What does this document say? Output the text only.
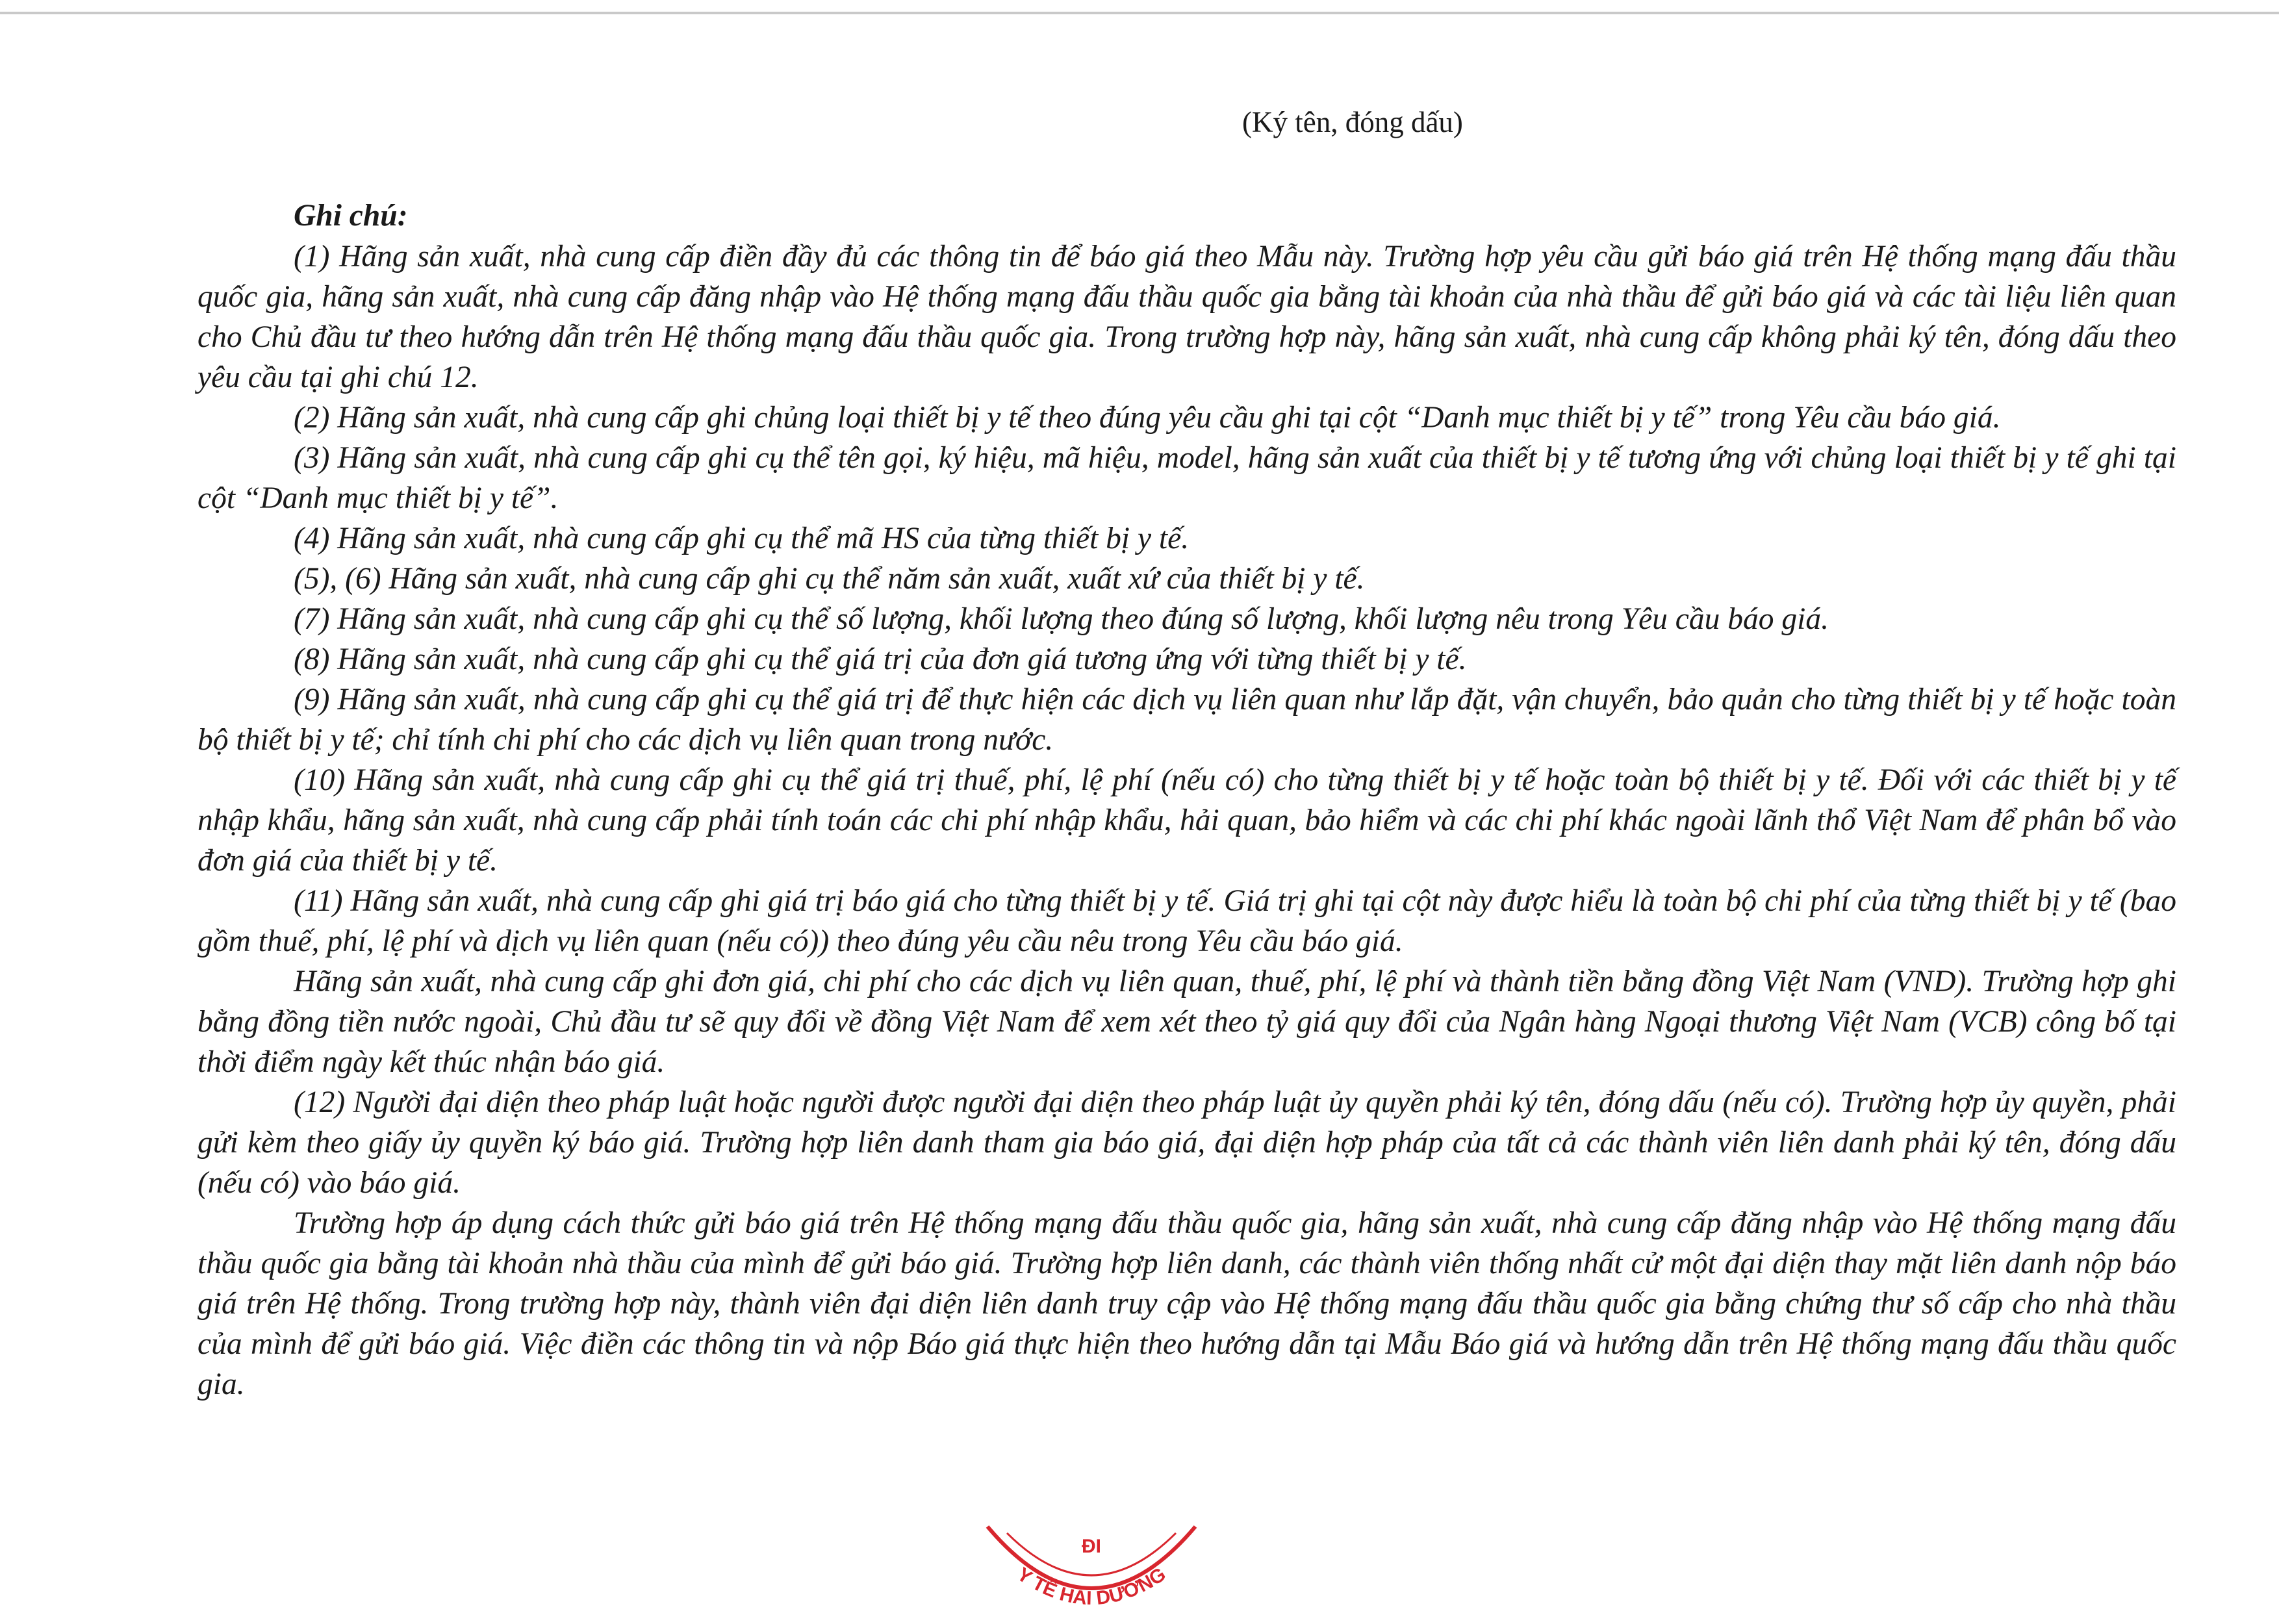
(Ký tên, đóng dấu)

Ghi chú:

(1) Hãng sản xuất, nhà cung cấp điền đầy đủ các thông tin để báo giá theo Mẫu này. Trường hợp yêu cầu gửi báo giá trên Hệ thống mạng đấu thầu quốc gia, hãng sản xuất, nhà cung cấp đăng nhập vào Hệ thống mạng đấu thầu quốc gia bằng tài khoản của nhà thầu để gửi báo giá và các tài liệu liên quan cho Chủ đầu tư theo hướng dẫn trên Hệ thống mạng đấu thầu quốc gia. Trong trường hợp này, hãng sản xuất, nhà cung cấp không phải ký tên, đóng dấu theo yêu cầu tại ghi chú 12.

(2) Hãng sản xuất, nhà cung cấp ghi chủng loại thiết bị y tế theo đúng yêu cầu ghi tại cột “Danh mục thiết bị y tế” trong Yêu cầu báo giá.

(3) Hãng sản xuất, nhà cung cấp ghi cụ thể tên gọi, ký hiệu, mã hiệu, model, hãng sản xuất của thiết bị y tế tương ứng với chủng loại thiết bị y tế ghi tại cột “Danh mục thiết bị y tế”.

(4) Hãng sản xuất, nhà cung cấp ghi cụ thể mã HS của từng thiết bị y tế.

(5), (6) Hãng sản xuất, nhà cung cấp ghi cụ thể năm sản xuất, xuất xứ của thiết bị y tế.

(7) Hãng sản xuất, nhà cung cấp ghi cụ thể số lượng, khối lượng theo đúng số lượng, khối lượng nêu trong Yêu cầu báo giá.

(8) Hãng sản xuất, nhà cung cấp ghi cụ thể giá trị của đơn giá tương ứng với từng thiết bị y tế.

(9) Hãng sản xuất, nhà cung cấp ghi cụ thể giá trị để thực hiện các dịch vụ liên quan như lắp đặt, vận chuyển, bảo quản cho từng thiết bị y tế hoặc toàn bộ thiết bị y tế; chỉ tính chi phí cho các dịch vụ liên quan trong nước.

(10) Hãng sản xuất, nhà cung cấp ghi cụ thể giá trị thuế, phí, lệ phí (nếu có) cho từng thiết bị y tế hoặc toàn bộ thiết bị y tế. Đối với các thiết bị y tế nhập khẩu, hãng sản xuất, nhà cung cấp phải tính toán các chi phí nhập khẩu, hải quan, bảo hiểm và các chi phí khác ngoài lãnh thổ Việt Nam để phân bổ vào đơn giá của thiết bị y tế.

(11) Hãng sản xuất, nhà cung cấp ghi giá trị báo giá cho từng thiết bị y tế. Giá trị ghi tại cột này được hiểu là toàn bộ chi phí của từng thiết bị y tế (bao gồm thuế, phí, lệ phí và dịch vụ liên quan (nếu có)) theo đúng yêu cầu nêu trong Yêu cầu báo giá.

Hãng sản xuất, nhà cung cấp ghi đơn giá, chi phí cho các dịch vụ liên quan, thuế, phí, lệ phí và thành tiền bằng đồng Việt Nam (VND). Trường hợp ghi bằng đồng tiền nước ngoài, Chủ đầu tư sẽ quy đổi về đồng Việt Nam để xem xét theo tỷ giá quy đổi của Ngân hàng Ngoại thương Việt Nam (VCB) công bố tại thời điểm ngày kết thúc nhận báo giá.

(12) Người đại diện theo pháp luật hoặc người được người đại diện theo pháp luật ủy quyền phải ký tên, đóng dấu (nếu có). Trường hợp ủy quyền, phải gửi kèm theo giấy ủy quyền ký báo giá. Trường hợp liên danh tham gia báo giá, đại diện hợp pháp của tất cả các thành viên liên danh phải ký tên, đóng dấu (nếu có) vào báo giá.

Trường hợp áp dụng cách thức gửi báo giá trên Hệ thống mạng đấu thầu quốc gia, hãng sản xuất, nhà cung cấp đăng nhập vào Hệ thống mạng đấu thầu quốc gia bằng tài khoản nhà thầu của mình để gửi báo giá. Trường hợp liên danh, các thành viên thống nhất cử một đại diện thay mặt liên danh nộp báo giá trên Hệ thống. Trong trường hợp này, thành viên đại diện liên danh truy cập vào Hệ thống mạng đấu thầu quốc gia bằng chứng thư số cấp cho nhà thầu của mình để gửi báo giá. Việc điền các thông tin và nộp Báo giá thực hiện theo hướng dẫn tại Mẫu Báo giá và hướng dẫn trên Hệ thống mạng đấu thầu quốc gia.

ĐI
Y TẾ HẢI DƯƠNG
